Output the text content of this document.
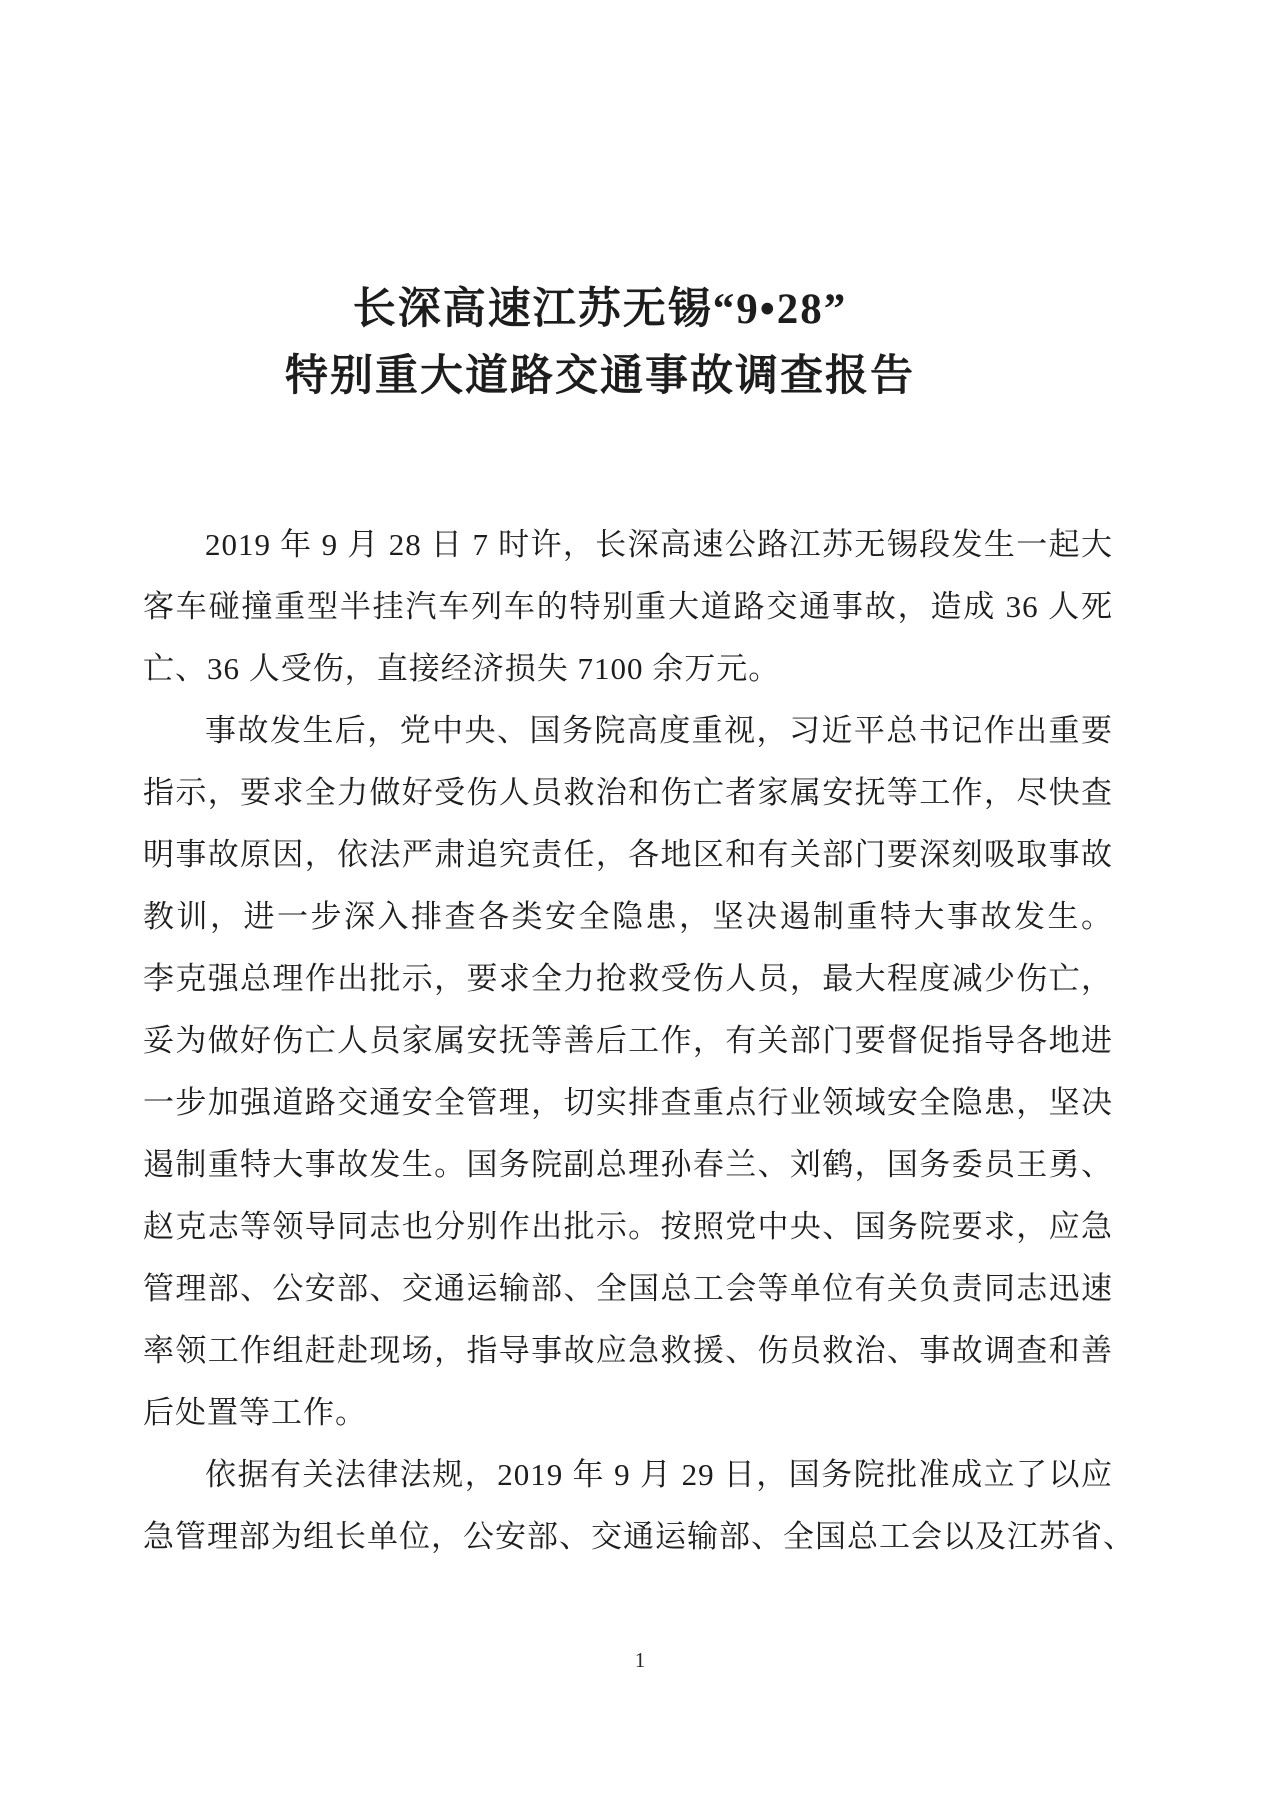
长深高速江苏无锡“9•28”
特别重大道路交通事故调查报告

2019 年 9 月 28 日 7 时许，长深高速公路江苏无锡段发生一起大
客车碰撞重型半挂汽车列车的特别重大道路交通事故，造成 36 人死
亡、36 人受伤，直接经济损失 7100 余万元。

事故发生后，党中央、国务院高度重视，习近平总书记作出重要
指示，要求全力做好受伤人员救治和伤亡者家属安抚等工作，尽快查
明事故原因，依法严肃追究责任，各地区和有关部门要深刻吸取事故
教训，进一步深入排查各类安全隐患，坚决遏制重特大事故发生。
李克强总理作出批示，要求全力抢救受伤人员，最大程度减少伤亡，
妥为做好伤亡人员家属安抚等善后工作，有关部门要督促指导各地进
一步加强道路交通安全管理，切实排查重点行业领域安全隐患，坚决
遏制重特大事故发生。国务院副总理孙春兰、刘鹤，国务委员王勇、
赵克志等领导同志也分别作出批示。按照党中央、国务院要求，应急
管理部、公安部、交通运输部、全国总工会等单位有关负责同志迅速
率领工作组赶赴现场，指导事故应急救援、伤员救治、事故调查和善
后处置等工作。

依据有关法律法规，2019 年 9 月 29 日，国务院批准成立了以应
急管理部为组长单位，公安部、交通运输部、全国总工会以及江苏省、

1
